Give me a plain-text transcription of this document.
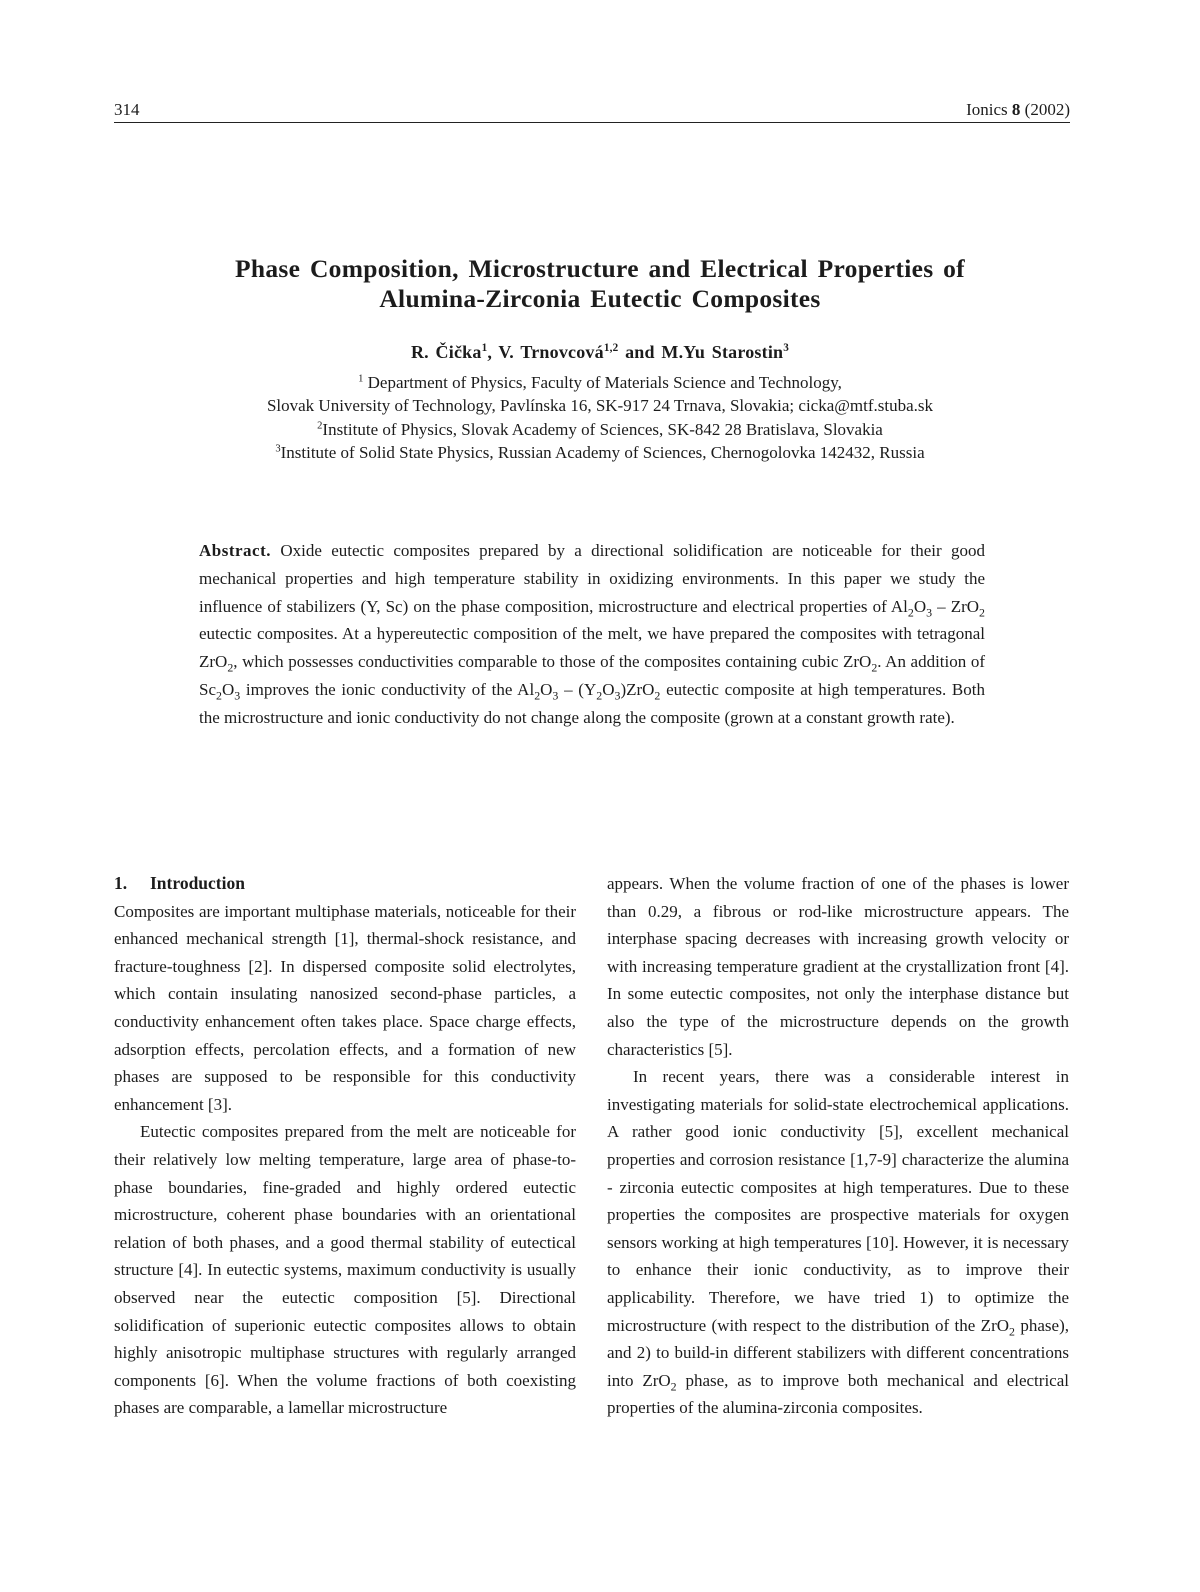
314	Ionics 8 (2002)
Phase Composition, Microstructure and Electrical Properties of
Alumina-Zirconia Eutectic Composites
R. Čička$^1$, V. Trnovcová$^{1,2}$ and M.Yu Starostin$^3$
$^1$ Department of Physics, Faculty of Materials Science and Technology,
Slovak University of Technology, Pavlínska 16, SK-917 24 Trnava, Slovakia; cicka@mtf.stuba.sk
$^2$Institute of Physics, Slovak Academy of Sciences, SK-842 28 Bratislava, Slovakia
$^3$Institute of Solid State Physics, Russian Academy of Sciences, Chernogolovka 142432, Russia
Abstract. Oxide eutectic composites prepared by a directional solidification are noticeable for their good mechanical properties and high temperature stability in oxidizing environments. In this paper we study the influence of stabilizers (Y, Sc) on the phase composition, microstructure and electrical properties of $Al_2O_3 - ZrO_2$ eutectic composites. At a hypereutectic composition of the melt, we have prepared the composites with tetragonal ZrO$_2$, which possesses conductivities comparable to those of the composites containing cubic ZrO$_2$. An addition of $Sc_2O_3$ improves the ionic conductivity of the $Al_2O_3 - (Y_2O_3)ZrO_2$ eutectic composite at high temperatures. Both the microstructure and ionic conductivity do not change along the composite (grown at a constant growth rate).
1. Introduction

Composites are important multiphase materials, noticeable for their enhanced mechanical strength [1], thermal-shock resistance, and fracture-toughness [2]. In dispersed composite solid electrolytes, which contain insulating nanosized second-phase particles, a conductivity enhancement often takes place. Space charge effects, adsorption effects, percolation effects, and a formation of new phases are supposed to be responsible for this conductivity enhancement [3].

Eutectic composites prepared from the melt are noticeable for their relatively low melting temperature, large area of phase-to-phase boundaries, fine-graded and highly ordered eutectic microstructure, coherent phase boundaries with an orientational relation of both phases, and a good thermal stability of eutectical structure [4]. In eutectic systems, maximum conductivity is usually observed near the eutectic composition [5]. Directional solidification of superionic eutectic composites allows to obtain highly anisotropic multiphase structures with regularly arranged components [6]. When the volume fractions of both coexisting phases are comparable, a lamellar microstructure

appears. When the volume fraction of one of the phases is lower than 0.29, a fibrous or rod-like microstructure appears. The interphase spacing decreases with increasing growth velocity or with increasing temperature gradient at the crystallization front [4]. In some eutectic composites, not only the interphase distance but also the type of the microstructure depends on the growth characteristics [5].

In recent years, there was a considerable interest in investigating materials for solid-state electrochemical applications. A rather good ionic conductivity [5], excellent mechanical properties and corrosion resistance [1,7-9] characterize the alumina - zirconia eutectic composites at high temperatures. Due to these properties the composites are prospective materials for oxygen sensors working at high temperatures [10]. However, it is necessary to enhance their ionic conductivity, as to improve their applicability. Therefore, we have tried 1) to optimize the microstructure (with respect to the distribution of the ZrO$_2$ phase), and 2) to build-in different stabilizers with different concentrations into ZrO$_2$ phase, as to improve both mechanical and electrical properties of the alumina-zirconia composites.
